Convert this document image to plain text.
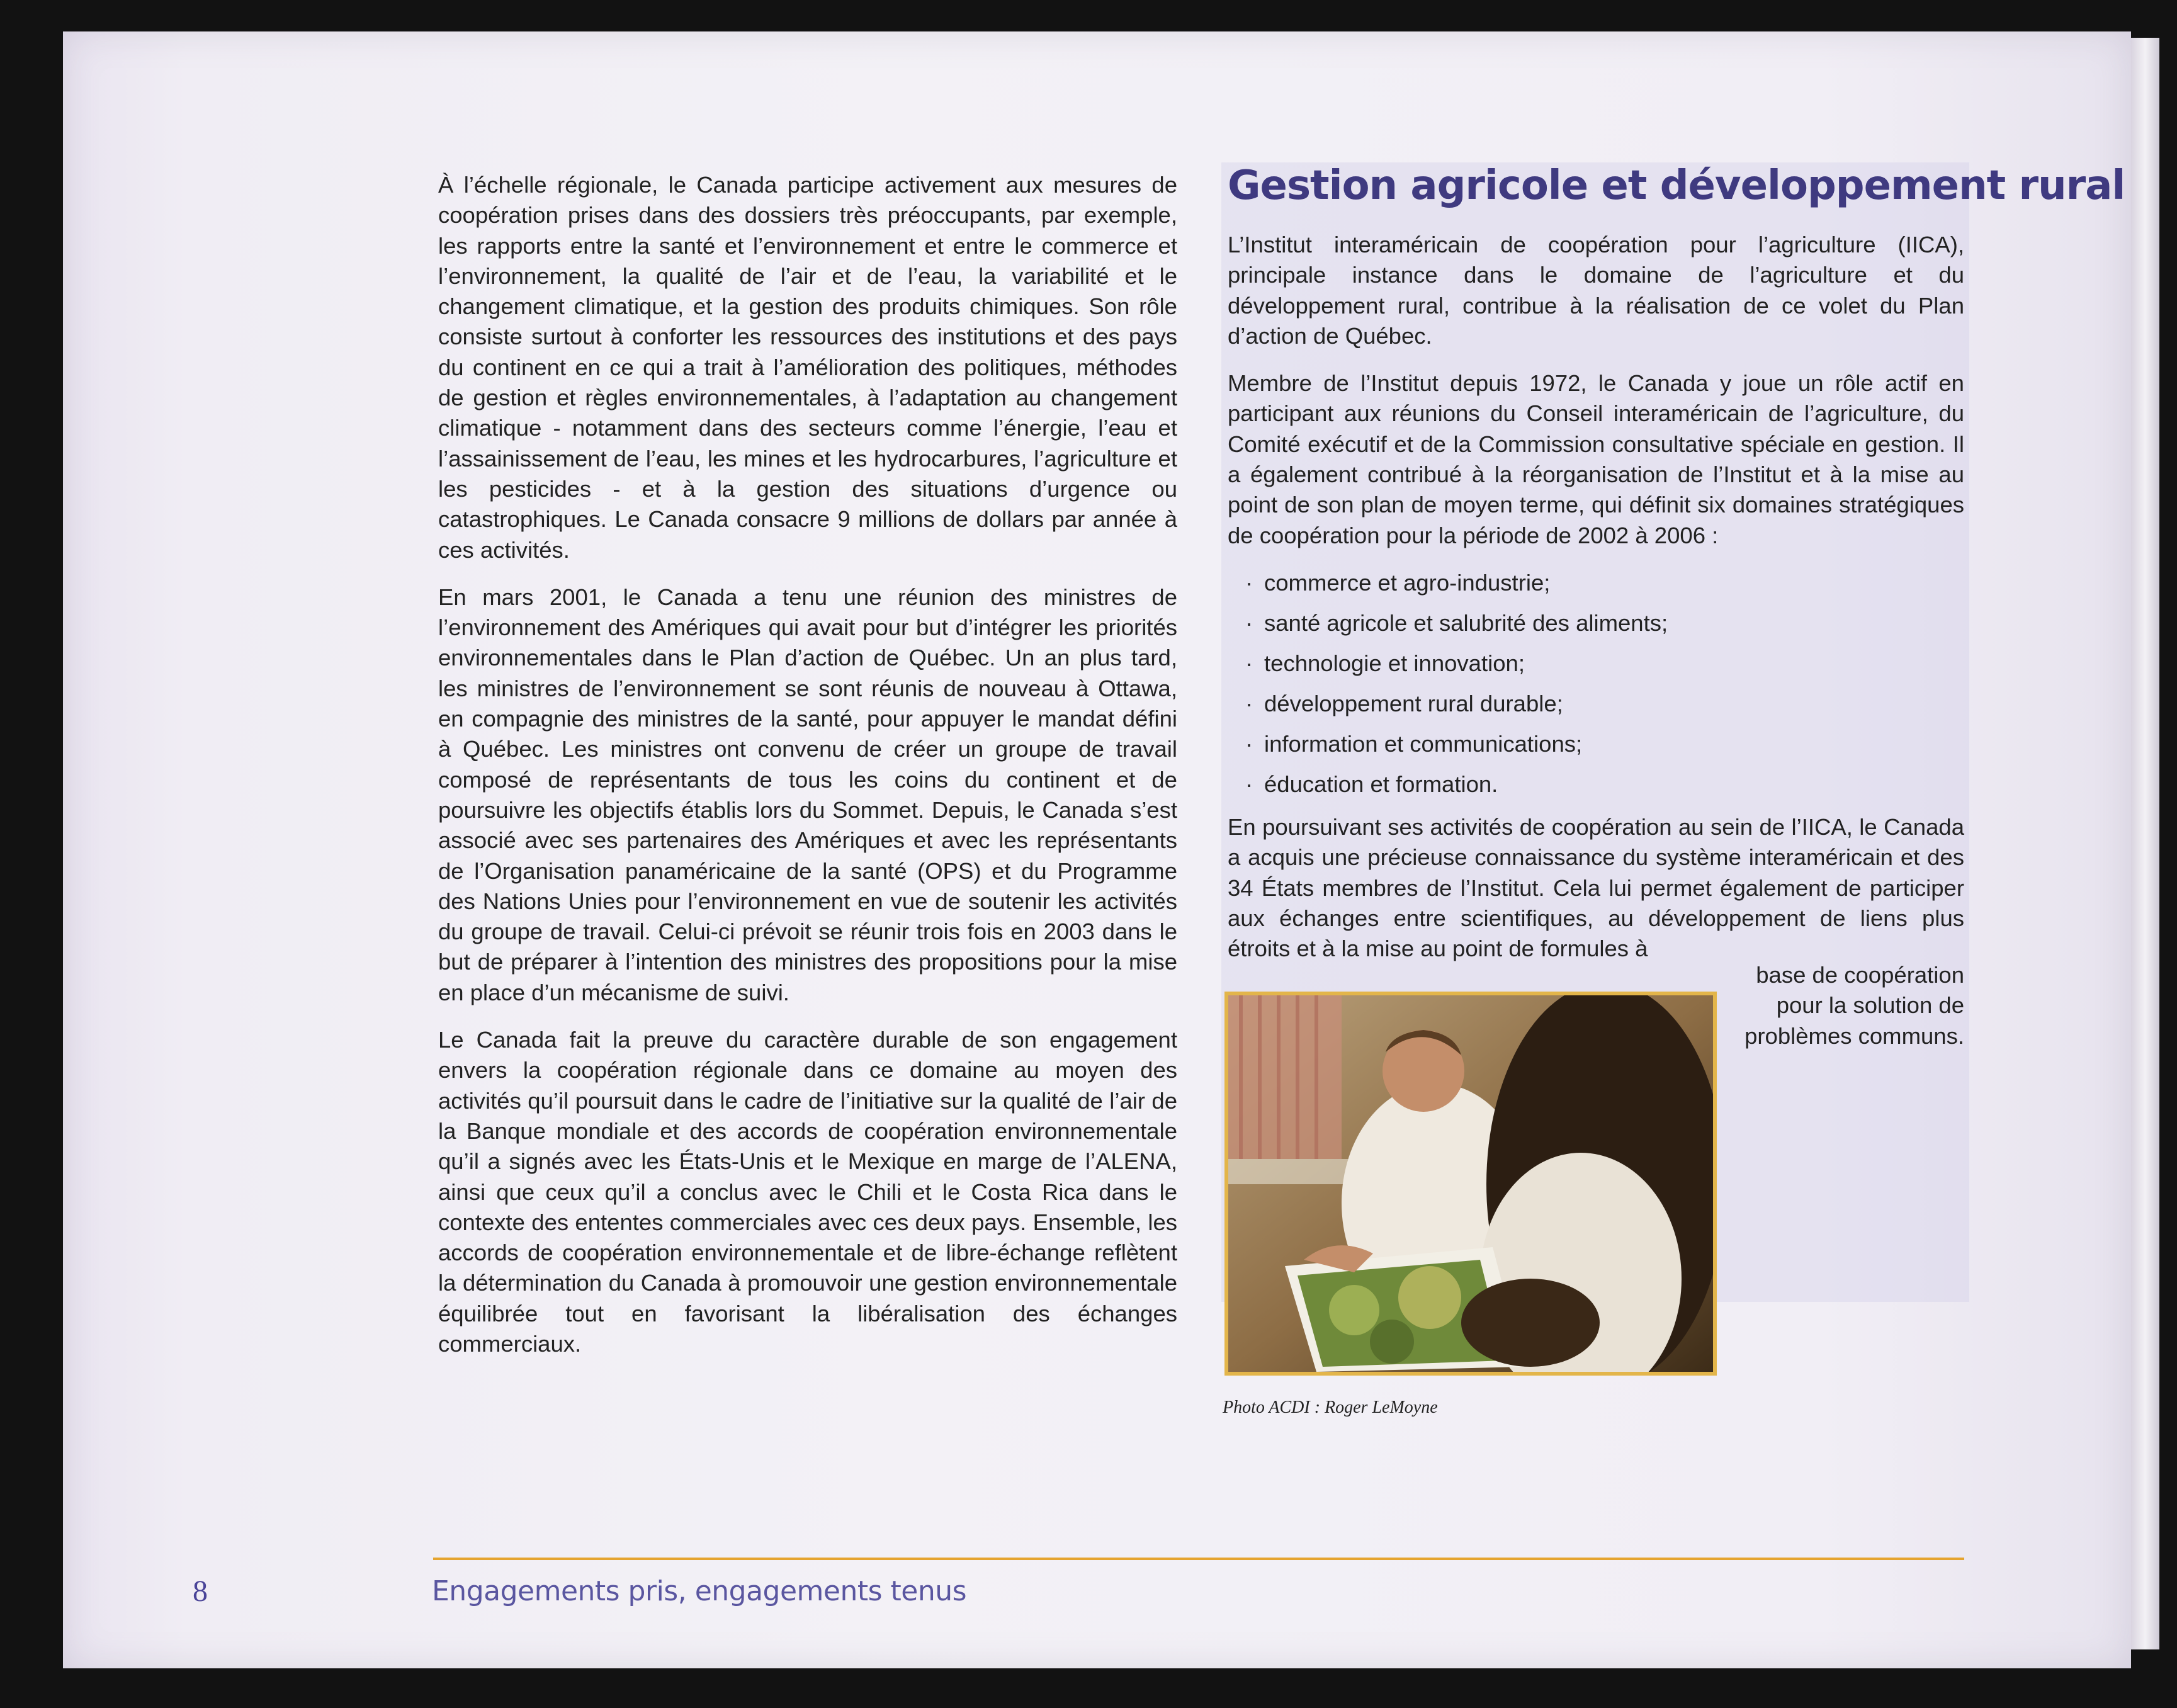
À l’échelle régionale, le Canada participe activement aux mesures de coopération prises dans des dossiers très préoccupants, par exemple, les rapports entre la santé et l’environnement et entre le commerce et l’environnement, la qualité de l’air et de l’eau, la variabilité et le changement climatique, et la gestion des produits chimiques. Son rôle consiste surtout à conforter les ressources des institutions et des pays du continent en ce qui a trait à l’amélioration des politiques, méthodes de gestion et règles environnementales, à l’adaptation au changement climatique - notamment dans des secteurs comme l’énergie, l’eau et l’assainissement de l’eau, les mines et les hydrocarbures, l’agriculture et les pesticides - et à la gestion des situations d’urgence ou catastrophiques. Le Canada consacre 9 millions de dollars par année à ces activités.

En mars 2001, le Canada a tenu une réunion des ministres de l’environnement des Amériques qui avait pour but d’intégrer les priorités environnementales dans le Plan d’action de Québec. Un an plus tard, les ministres de l’environnement se sont réunis de nouveau à Ottawa, en compagnie des ministres de la santé, pour appuyer le mandat défini à Québec. Les ministres ont convenu de créer un groupe de travail composé de représentants de tous les coins du continent et de poursuivre les objectifs établis lors du Sommet. Depuis, le Canada s’est associé avec ses partenaires des Amériques et avec les représentants de l’Organisation panaméricaine de la santé (OPS) et du Programme des Nations Unies pour l’environnement en vue de soutenir les activités du groupe de travail. Celui-ci prévoit se réunir trois fois en 2003 dans le but de préparer à l’intention des ministres des propositions pour la mise en place d’un mécanisme de suivi.

Le Canada fait la preuve du caractère durable de son engagement envers la coopération régionale dans ce domaine au moyen des activités qu’il poursuit dans le cadre de l’initiative sur la qualité de l’air de la Banque mondiale et des accords de coopération environnementale qu’il a signés avec les États-Unis et le Mexique en marge de l’ALENA, ainsi que ceux qu’il a conclus avec le Chili et le Costa Rica dans le contexte des ententes commerciales avec ces deux pays. Ensemble, les accords de coopération environnementale et de libre-échange reflètent la détermination du Canada à promouvoir une gestion environnementale équilibrée tout en favorisant la libéralisation des échanges commerciaux.

Gestion agricole et développement rural

L’Institut interaméricain de coopération pour l’agriculture (IICA), principale instance dans le domaine de l’agriculture et du développement rural, contribue à la réalisation de ce volet du Plan d’action de Québec.

Membre de l’Institut depuis 1972, le Canada y joue un rôle actif en participant aux réunions du Conseil interaméricain de l’agriculture, du Comité exécutif et de la Commission consultative spéciale en gestion. Il a également contribué à la réorganisation de l’Institut et à la mise au point de son plan de moyen terme, qui définit six domaines stratégiques de coopération pour la période de 2002 à 2006 :

· commerce et agro-industrie;
· santé agricole et salubrité des aliments;
· technologie et innovation;
· développement rural durable;
· information et communications;
· éducation et formation.

En poursuivant ses activités de coopération au sein de l’IICA, le Canada a acquis une précieuse connaissance du système interaméricain et des 34 États membres de l’Institut. Cela lui permet également de participer aux échanges entre scientifiques, au développement de liens plus étroits et à la mise au point de formules à

base de coopération pour la solution de problèmes communs.
Photo ACDI : Roger LeMoyne
8	Engagements pris, engagements tenus
